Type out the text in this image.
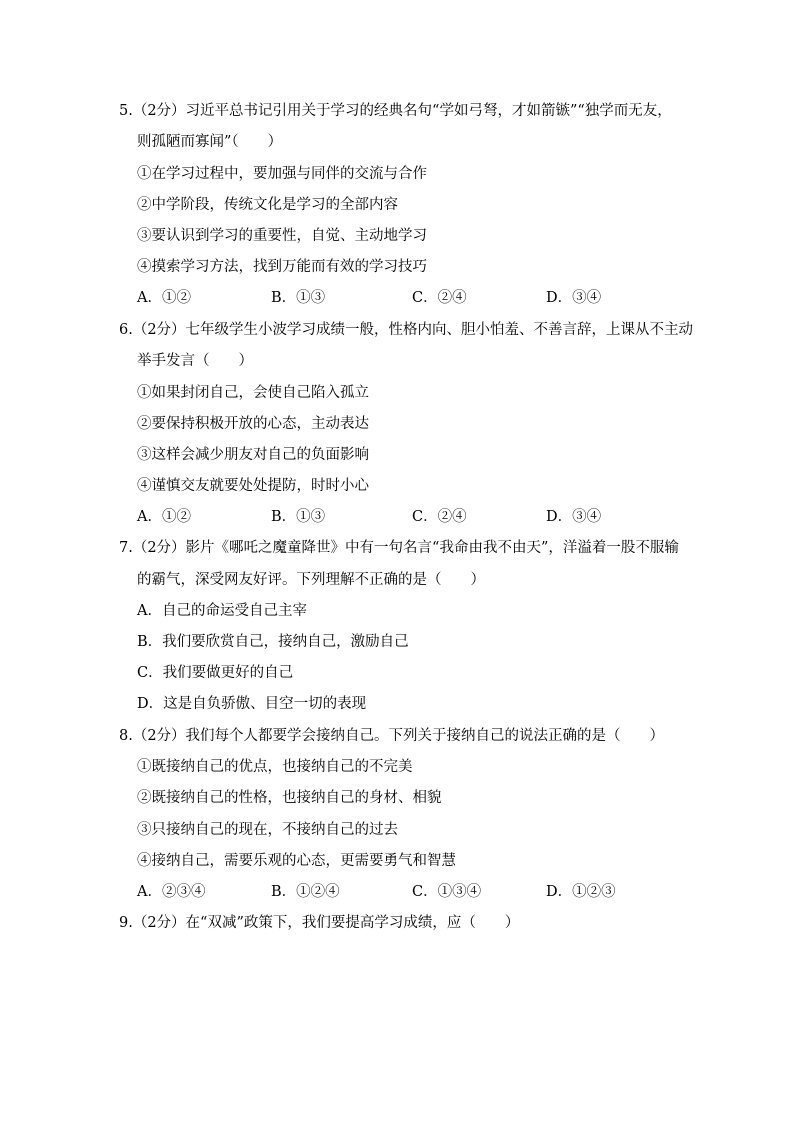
5.（2分）习近平总书记引用关于学习的经典名句“学如弓弩，才如箭镞”“独学而无友，
则孤陋而寡闻”（　　）
①在学习过程中，要加强与同伴的交流与合作
②中学阶段，传统文化是学习的全部内容
③要认识到学习的重要性，自觉、主动地学习
④摸索学习方法，找到万能而有效的学习技巧
A．①②	B．①③	C．②④	D．③④
6.（2分）七年级学生小波学习成绩一般，性格内向、胆小怕羞、不善言辞，上课从不主动
举手发言（　　）
①如果封闭自己，会使自己陷入孤立
②要保持积极开放的心态，主动表达
③这样会减少朋友对自己的负面影响
④谨慎交友就要处处提防，时时小心
A．①②	B．①③	C．②④	D．③④
7.（2分）影片《哪吒之魔童降世》中有一句名言“我命由我不由天”，洋溢着一股不服输
的霸气，深受网友好评。下列理解不正确的是（　　）
A．自己的命运受自己主宰
B．我们要欣赏自己，接纳自己，激励自己
C．我们要做更好的自己
D．这是自负骄傲、目空一切的表现
8.（2分）我们每个人都要学会接纳自己。下列关于接纳自己的说法正确的是（　　）
①既接纳自己的优点，也接纳自己的不完美
②既接纳自己的性格，也接纳自己的身材、相貌
③只接纳自己的现在，不接纳自己的过去
④接纳自己，需要乐观的心态，更需要勇气和智慧
A．②③④	B．①②④	C．①③④	D．①②③
9.（2分）在“双减”政策下，我们要提高学习成绩，应（　　）
